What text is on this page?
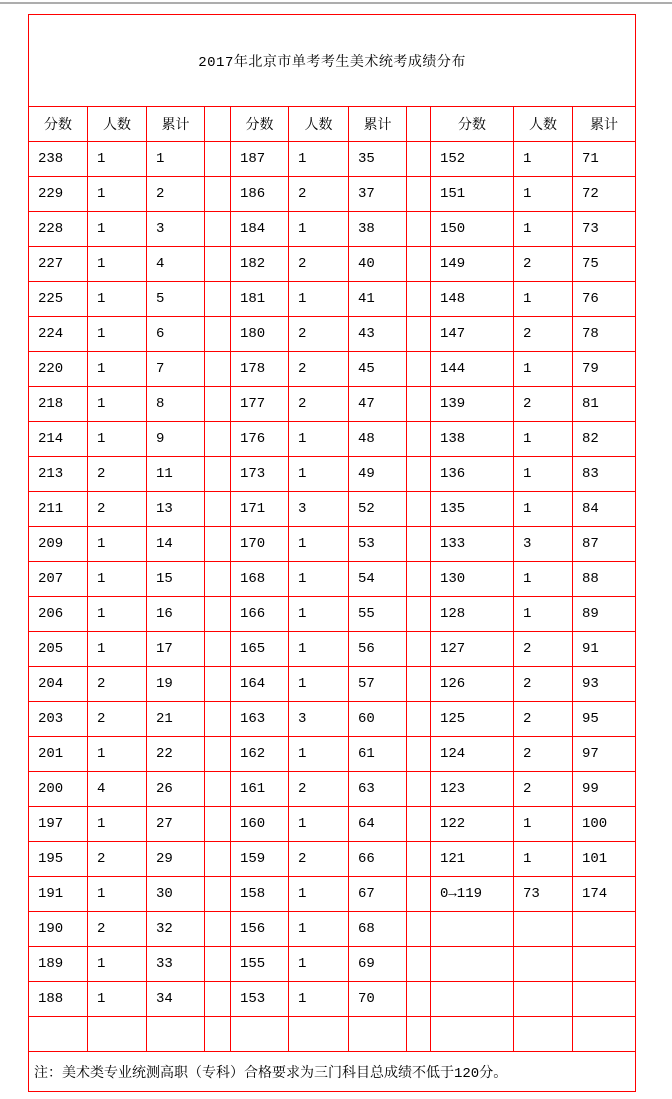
2017年北京市单考考生美术统考成绩分布										
分数	人数	累计		分数	人数	累计		分数	人数	累计
238	1	1		187	1	35		152	1	71
229	1	2		186	2	37		151	1	72
228	1	3		184	1	38		150	1	73
227	1	4		182	2	40		149	2	75
225	1	5		181	1	41		148	1	76
224	1	6		180	2	43		147	2	78
220	1	7		178	2	45		144	1	79
218	1	8		177	2	47		139	2	81
214	1	9		176	1	48		138	1	82
213	2	11		173	1	49		136	1	83
211	2	13		171	3	52		135	1	84
209	1	14		170	1	53		133	3	87
207	1	15		168	1	54		130	1	88
206	1	16		166	1	55		128	1	89
205	1	17		165	1	56		127	2	91
204	2	19		164	1	57		126	2	93
203	2	21		163	3	60		125	2	95
201	1	22		162	1	61		124	2	97
200	4	26		161	2	63		123	2	99
197	1	27		160	1	64		122	1	100
195	2	29		159	2	66		121	1	101
191	1	30		158	1	67		0→119	73	174
190	2	32		156	1	68				
189	1	33		155	1	69				
188	1	34		153	1	70				

注：美术类专业统测高职（专科）合格要求为三门科目总成绩不低于120分。										
